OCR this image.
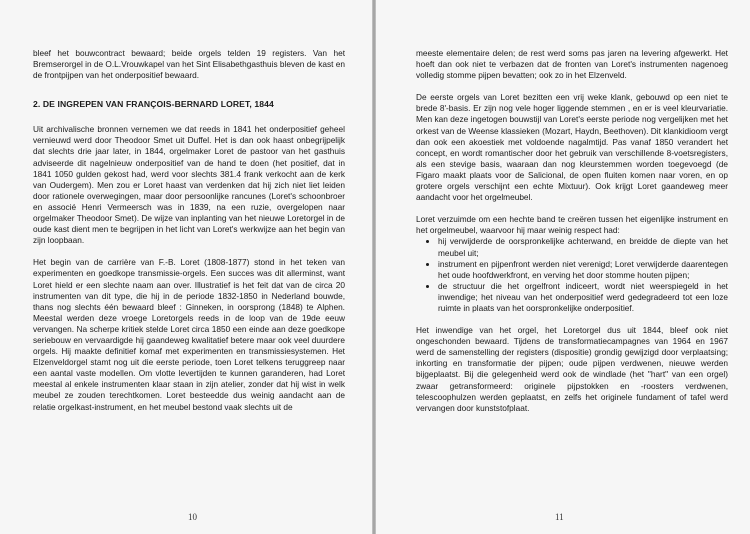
bleef het bouwcontract bewaard; beide orgels telden 19 registers. Van het Bremserorgel in de O.L.Vrouwkapel van het Sint Elisabethgasthuis bleven de kast en de frontpijpen van het onderpositief bewaard.

2. DE INGREPEN VAN FRANÇOIS-BERNARD LORET, 1844

Uit archivalische bronnen vernemen we dat reeds in 1841 het onderpositief geheel vernieuwd werd door Theodoor Smet uit Duffel. Het is dan ook haast onbegrijpelijk dat slechts drie jaar later, in 1844, orgelmaker Loret de pastoor van het gasthuis adviseerde dit nagelnieuw onderpositief van de hand te doen (het positief, dat in 1841 1050 gulden gekost had, werd voor slechts 381.4 frank verkocht aan de kerk van Oudergem). Men zou er Loret haast van verdenken dat hij zich niet liet leiden door rationele overwegingen, maar door persoonlijke rancunes (Loret's schoonbroer en associé Henri Vermeersch was in 1839, na een ruzie, overgelopen naar orgelmaker Theodoor Smet). De wijze van inplanting van het nieuwe Loretorgel in de oude kast dient men te begrijpen in het licht van Loret's werkwijze aan het begin van zijn loopbaan.

Het begin van de carrière van F.-B. Loret (1808-1877) stond in het teken van experimenten en goedkope transmissie-orgels. Een succes was dit allerminst, want Loret hield er een slechte naam aan over. Illustratief is het feit dat van de circa 20 instrumenten van dit type, die hij in de periode 1832-1850 in Nederland bouwde, thans nog slechts één bewaard bleef : Ginneken, in oorsprong (1848) te Alphen. Meestal werden deze vroege Loretorgels reeds in de loop van de 19de eeuw vervangen. Na scherpe kritiek stelde Loret circa 1850 een einde aan deze goedkope seriebouw en vervaardigde hij gaandeweg kwalitatief betere maar ook veel duurdere orgels. Hij maakte definitief komaf met experimenten en transmissiesystemen. Het Elzenveldorgel stamt nog uit die eerste periode, toen Loret telkens teruggreep naar een aantal vaste modellen. Om vlotte levertijden te kunnen garanderen, had Loret meestal al enkele instrumenten klaar staan in zijn atelier, zonder dat hij wist in welk meubel ze zouden terechtkomen. Loret besteedde dus weinig aandacht aan de relatie orgelkast-instrument, en het meubel bestond vaak slechts uit de

10

meeste elementaire delen; de rest werd soms pas jaren na levering afgewerkt. Het hoeft dan ook niet te verbazen dat de fronten van Loret's instrumenten nagenoeg volledig stomme pijpen bevatten; ook zo in het Elzenveld.

De eerste orgels van Loret bezitten een vrij weke klank, gebouwd op een niet te brede 8'-basis. Er zijn nog vele hoger liggende stemmen , en er is veel kleurvariatie. Men kan deze ingetogen bouwstijl van Loret's eerste periode nog vergelijken met het orkest van de Weense klassieken (Mozart, Haydn, Beethoven). Dit klankidioom vergt dan ook een akoestiek met voldoende nagalmtijd. Pas vanaf 1850 verandert het concept, en wordt romantischer door het gebruik van verschillende 8-voetsregisters, als een stevige basis, waaraan dan nog kleurstemmen worden toegevoegd (de Figaro maakt plaats voor de Salicional, de open fluiten komen naar voren, en op grotere orgels verschijnt een echte Mixtuur). Ook krijgt Loret gaandeweg meer aandacht voor het orgelmeubel.

Loret verzuimde om een hechte band te creëren tussen het eigenlijke instrument en het orgelmeubel, waarvoor hij maar weinig respect had:

• hij verwijderde de oorspronkelijke achterwand, en breidde de diepte van het meubel uit;
• instrument en pijpenfront werden niet verenigd; Loret verwijderde daarentegen het oude hoofdwerkfront, en verving het door stomme houten pijpen;
• de structuur die het orgelfront indiceert, wordt niet weerspiegeld in het inwendige; het niveau van het onderpositief werd gedegradeerd tot een loze ruimte in plaats van het oorspronkelijke onderpositief.

Het inwendige van het orgel, het Loretorgel dus uit 1844, bleef ook niet ongeschonden bewaard. Tijdens de transformatiecampagnes van 1964 en 1967 werd de samenstelling der registers (dispositie) grondig gewijzigd door verplaatsing; inkorting en transformatie der pijpen; oude pijpen verdwenen, nieuwe werden bijgeplaatst. Bij die gelegenheid werd ook de windlade (het "hart" van een orgel) zwaar getransformeerd: originele pijpstokken en -roosters verdwenen, telescoophulzen werden geplaatst, en zelfs het originele fundament of tafel werd vervangen door kunststofplaat.

11
